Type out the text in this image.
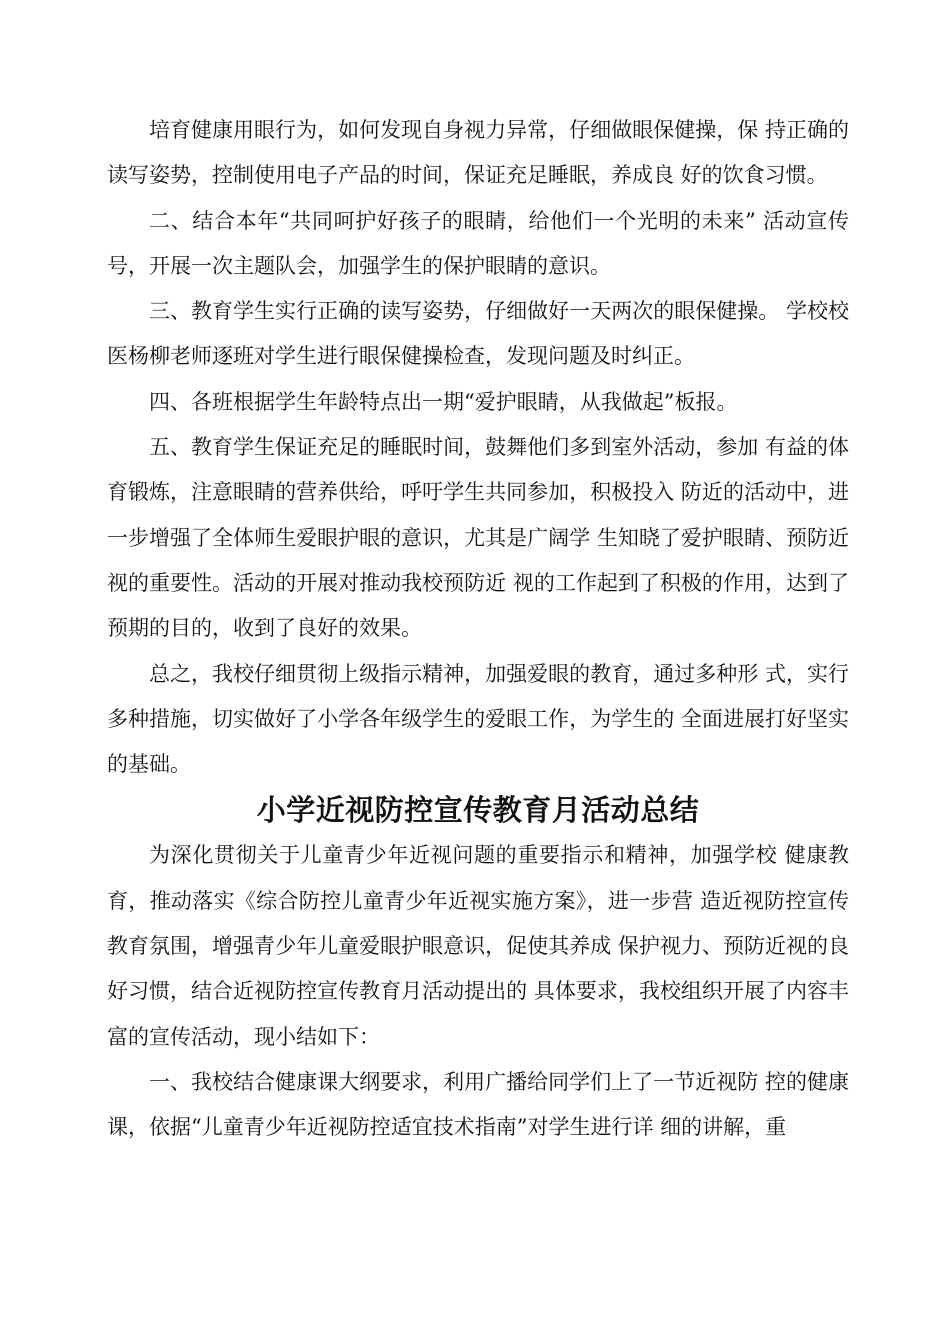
培育健康用眼行为，如何发现自身视力异常，仔细做眼保健操，保 持正确的读写姿势，控制使用电子产品的时间，保证充足睡眠，养成良 好的饮食习惯。

二、结合本年“共同呵护好孩子的眼睛，给他们一个光明的未来” 活动宣传号，开展一次主题队会，加强学生的保护眼睛的意识。

三、教育学生实行正确的读写姿势，仔细做好一天两次的眼保健操。 学校校医杨柳老师逐班对学生进行眼保健操检查，发现问题及时纠正。

四、各班根据学生年龄特点出一期“爱护眼睛，从我做起”板报。

五、教育学生保证充足的睡眠时间，鼓舞他们多到室外活动，参加 有益的体育锻炼，注意眼睛的营养供给，呼吁学生共同参加，积极投入 防近的活动中，进一步增强了全体师生爱眼护眼的意识，尤其是广阔学 生知晓了爱护眼睛、预防近视的重要性。活动的开展对推动我校预防近 视的工作起到了积极的作用，达到了预期的目的，收到了良好的效果。

总之，我校仔细贯彻上级指示精神，加强爱眼的教育，通过多种形 式，实行多种措施，切实做好了小学各年级学生的爱眼工作，为学生的 全面进展打好坚实的基础。

小学近视防控宣传教育月活动总结

为深化贯彻关于儿童青少年近视问题的重要指示和精神，加强学校 健康教育，推动落实《综合防控儿童青少年近视实施方案》，进一步营 造近视防控宣传教育氛围，增强青少年儿童爱眼护眼意识，促使其养成 保护视力、预防近视的良好习惯，结合近视防控宣传教育月活动提出的 具体要求，我校组织开展了内容丰富的宣传活动，现小结如下：

一、我校结合健康课大纲要求，利用广播给同学们上了一节近视防 控的健康课，依据“儿童青少年近视防控适宜技术指南”对学生进行详 细的讲解，重
